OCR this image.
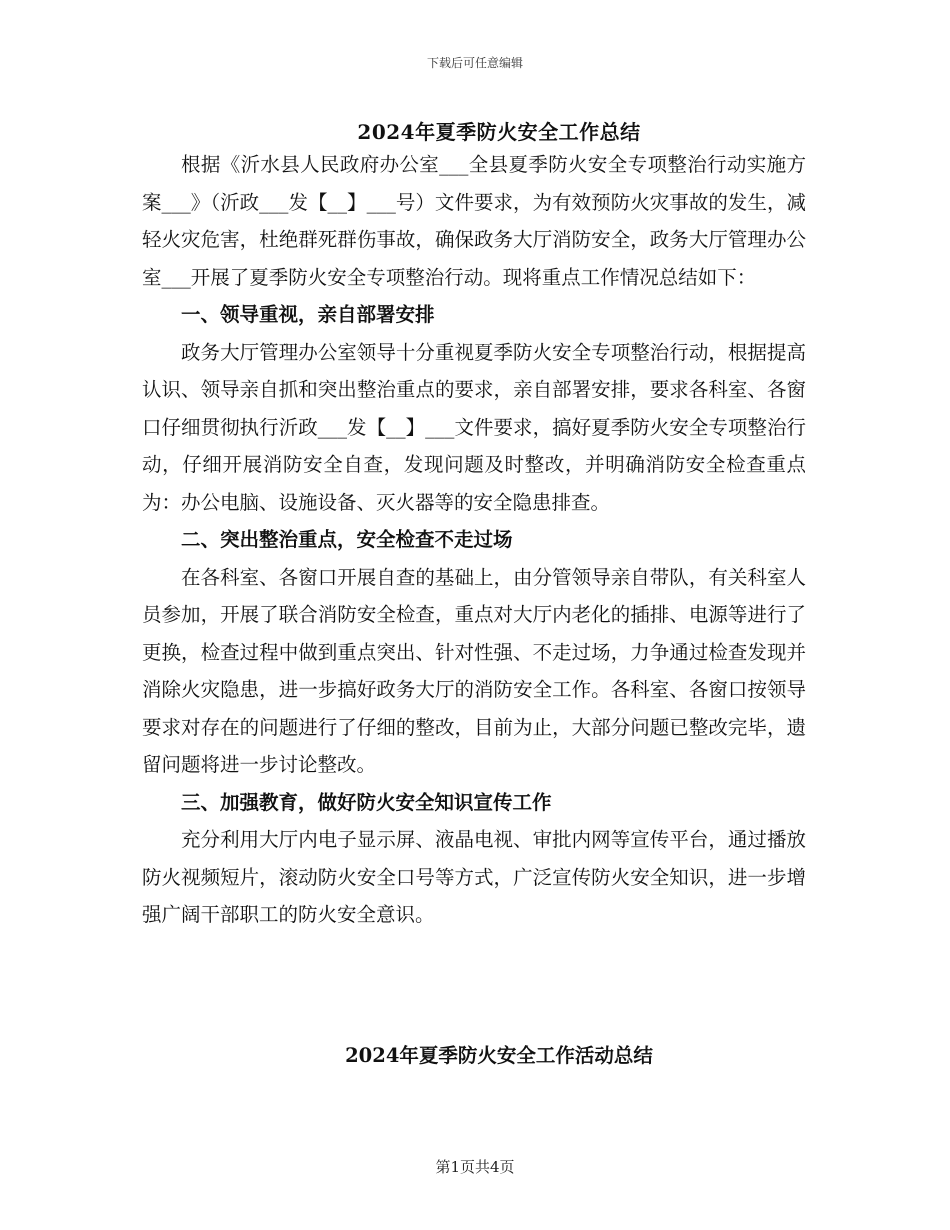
下载后可任意编辑
2024年夏季防火安全工作总结

根据《沂水县人民政府办公室___全县夏季防火安全专项整治行动实施方案___》（沂政___发【__】___号）文件要求，为有效预防火灾事故的发生，减轻火灾危害，杜绝群死群伤事故，确保政务大厅消防安全，政务大厅管理办公室___开展了夏季防火安全专项整治行动。现将重点工作情况总结如下：

一、领导重视，亲自部署安排

政务大厅管理办公室领导十分重视夏季防火安全专项整治行动，根据提高认识、领导亲自抓和突出整治重点的要求，亲自部署安排，要求各科室、各窗口仔细贯彻执行沂政___发【__】___文件要求，搞好夏季防火安全专项整治行动，仔细开展消防安全自查，发现问题及时整改，并明确消防安全检查重点为：办公电脑、设施设备、灭火器等的安全隐患排查。

二、突出整治重点，安全检查不走过场

在各科室、各窗口开展自查的基础上，由分管领导亲自带队，有关科室人员参加，开展了联合消防安全检查，重点对大厅内老化的插排、电源等进行了更换，检查过程中做到重点突出、针对性强、不走过场，力争通过检查发现并消除火灾隐患，进一步搞好政务大厅的消防安全工作。各科室、各窗口按领导要求对存在的问题进行了仔细的整改，目前为止，大部分问题已整改完毕，遗留问题将进一步讨论整改。

三、加强教育，做好防火安全知识宣传工作

充分利用大厅内电子显示屏、液晶电视、审批内网等宣传平台，通过播放防火视频短片，滚动防火安全口号等方式，广泛宣传防火安全知识，进一步增强广阔干部职工的防火安全意识。

2024年夏季防火安全工作活动总结
第1页共4页
